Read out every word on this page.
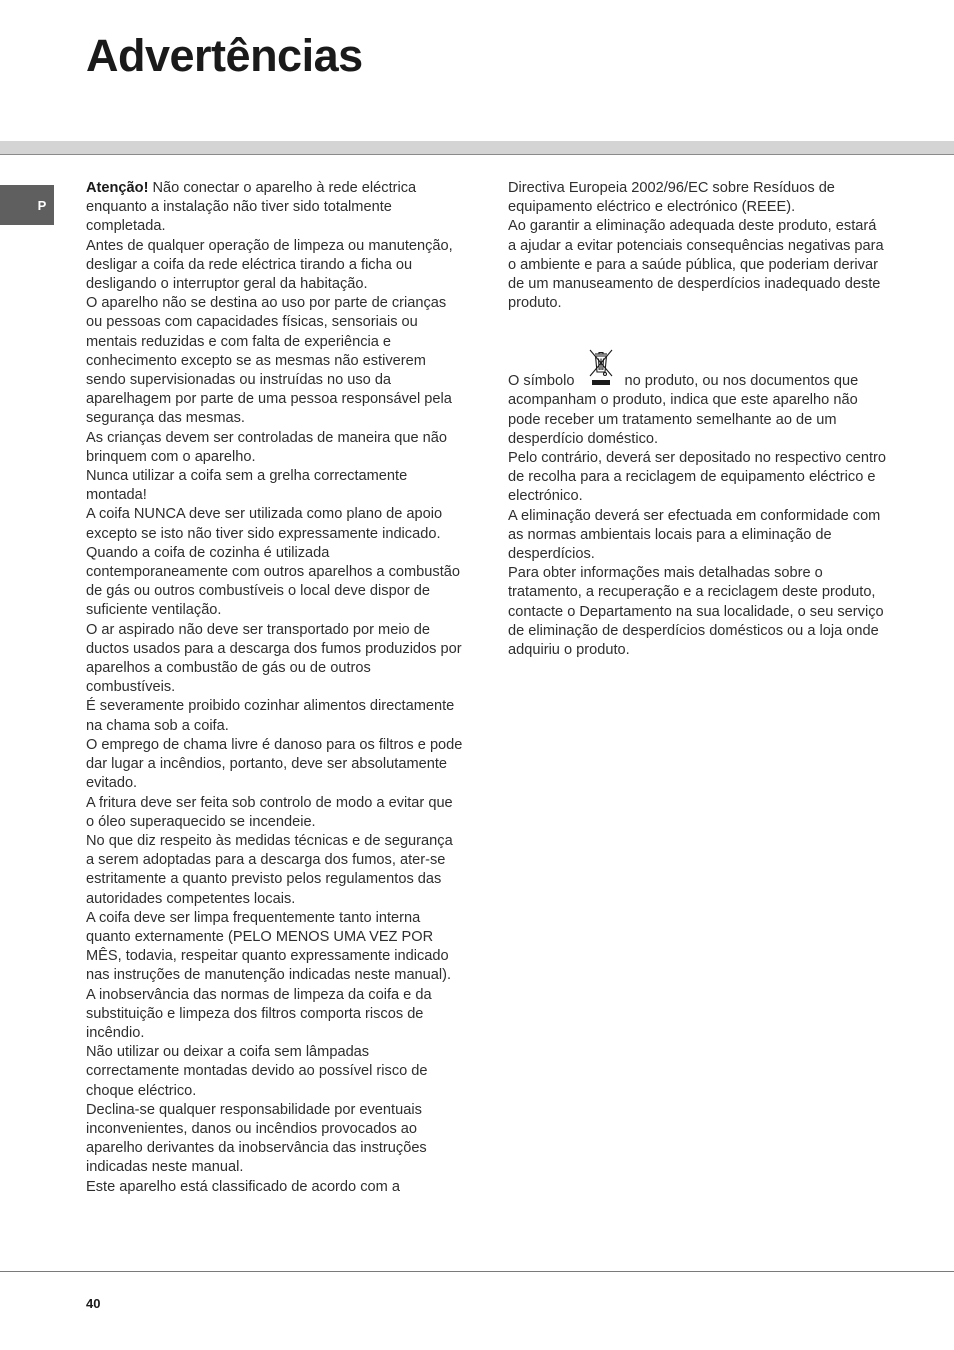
Advertências
P

Atenção! Não conectar o aparelho à rede eléctrica enquanto a instalação não tiver sido totalmente completada.

Antes de qualquer operação de limpeza ou manutenção, desligar a coifa da rede eléctrica tirando a ficha ou desligando o interruptor geral da habitação.

O aparelho não se destina ao uso por parte de crianças ou pessoas com capacidades físicas, sensoriais ou mentais reduzidas e com falta de experiência e conhecimento excepto se as mesmas não estiverem sendo supervisionadas ou instruídas no uso da aparelhagem por parte de uma pessoa responsável pela segurança das mesmas.

As crianças devem ser controladas de maneira que não brinquem com o aparelho.

Nunca utilizar a coifa sem a grelha correctamente montada!

A coifa NUNCA deve ser utilizada como plano de apoio excepto se isto não tiver sido expressamente indicado.

Quando a coifa de cozinha é utilizada contemporaneamente com outros aparelhos a combustão de gás ou outros combustíveis o local deve dispor de suficiente ventilação.

O ar aspirado não deve ser transportado por meio de ductos usados para a descarga dos fumos produzidos por aparelhos a combustão de gás ou de outros combustíveis.

É severamente proibido cozinhar alimentos directamente na chama sob a coifa.

O emprego de chama livre é danoso para os filtros e pode dar lugar a incêndios, portanto, deve ser absolutamente evitado.

A fritura deve ser feita sob controlo de modo a evitar que o óleo superaquecido se incendeie.

No que diz respeito às medidas técnicas e de segurança a serem adoptadas para a descarga dos fumos, ater-se estritamente a quanto previsto pelos regulamentos das autoridades competentes locais.

A coifa deve ser limpa frequentemente tanto interna quanto externamente (PELO MENOS UMA VEZ POR MÊS, todavia, respeitar quanto expressamente indicado nas instruções de manutenção indicadas neste manual).

A inobservância das normas de limpeza da coifa e da substituição e limpeza dos filtros comporta riscos de incêndio.

Não utilizar ou deixar a coifa sem lâmpadas correctamente montadas devido ao possível risco de choque eléctrico.

Declina-se qualquer responsabilidade por eventuais inconvenientes, danos ou incêndios provocados ao aparelho derivantes da inobservância das instruções indicadas neste manual.

Este aparelho está classificado de acordo com a

Directiva Europeia 2002/96/EC sobre Resíduos de equipamento eléctrico e electrónico (REEE).

Ao garantir a eliminação adequada deste produto, estará a ajudar a evitar potenciais consequências negativas para o ambiente e para a saúde pública, que poderiam derivar de um manuseamento de desperdícios inadequado deste produto.

O símbolo	no produto, ou nos documentos que acompanham o produto, indica que este aparelho não pode receber um tratamento semelhante ao de um desperdício doméstico.

Pelo contrário, deverá ser depositado no respectivo centro de recolha para a reciclagem de equipamento eléctrico e electrónico.

A eliminação deverá ser efectuada em conformidade com as normas ambientais locais para a eliminação de desperdícios.

Para obter informações mais detalhadas sobre o tratamento, a recuperação e a reciclagem deste produto, contacte o Departamento na sua localidade, o seu serviço de eliminação de desperdícios domésticos ou a loja onde adquiriu o produto.

40
